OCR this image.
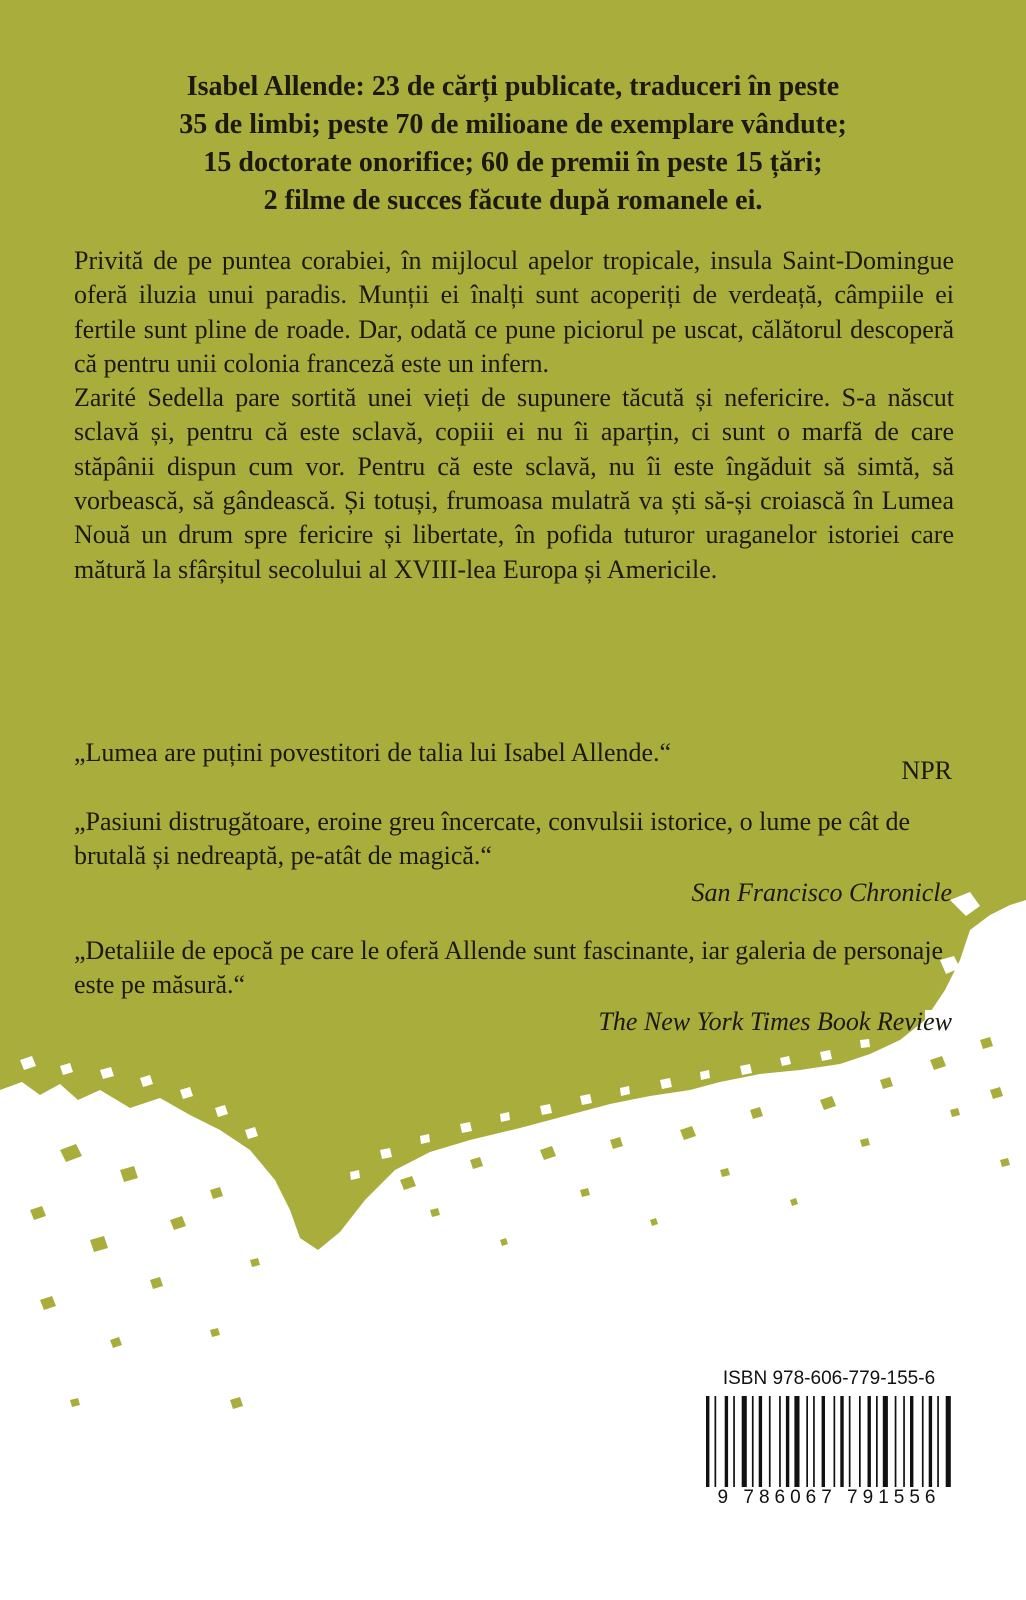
Isabel Allende: 23 de cărți publicate, traduceri în peste
35 de limbi; peste 70 de milioane de exemplare vândute;
15 doctorate onorifice; 60 de premii în peste 15 țări;
2 filme de succes făcute după romanele ei.

Privită de pe puntea corabiei, în mijlocul apelor tropicale, insula Saint-Domingue oferă iluzia unui paradis. Munții ei înalți sunt acoperiți de verdeață, câmpiile ei fertile sunt pline de roade. Dar, odată ce pune piciorul pe uscat, călătorul descoperă că pentru unii colonia franceză este un infern.

Zarité Sedella pare sortită unei vieți de supunere tăcută și nefericire. S-a născut sclavă și, pentru că este sclavă, copiii ei nu îi aparțin, ci sunt o marfă de care stăpânii dispun cum vor. Pentru că este sclavă, nu îi este îngăduit să simtă, să vorbească, să gândească. Și totuși, frumoasa mulatră va ști să-și croiască în Lumea Nouă un drum spre fericire și libertate, în pofida tuturor uraganelor istoriei care mătură la sfârșitul secolului al XVIII-lea Europa și Americile.

„Lumea are puțini povestitori de talia lui Isabel Allende.“
NPR
„Pasiuni distrugătoare, eroine greu încercate, convulsii istorice, o lume pe cât de brutală și nedreaptă, pe-atât de magică.“
San Francisco Chronicle
„Detaliile de epocă pe care le oferă Allende sunt fascinante, iar galeria de personaje este pe măsură.“
The New York Times Book Review
ISBN 978-606-779-155-6
9 786067 791556
